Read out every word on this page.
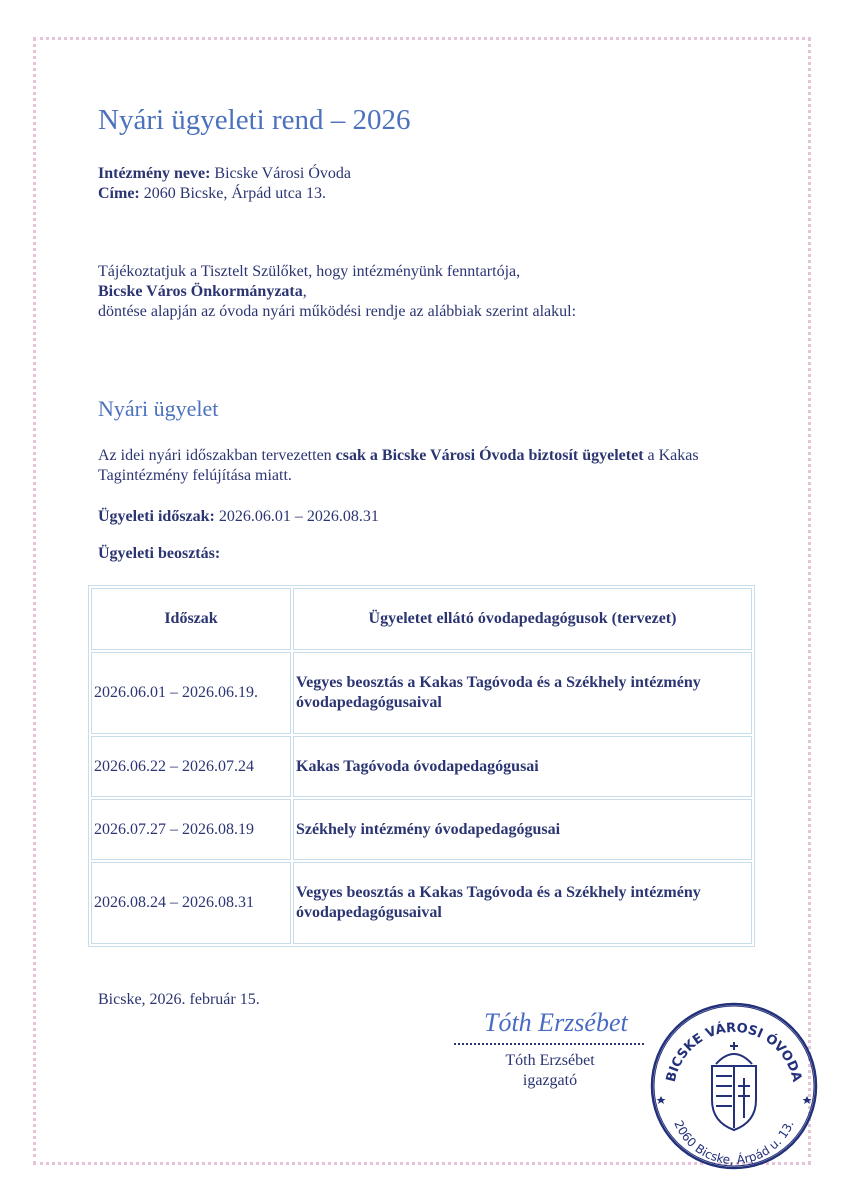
Nyári ügyeleti rend – 2026
Intézmény neve: Bicske Városi Óvoda
Címe: 2060 Bicske, Árpád utca 13.
Tájékoztatjuk a Tisztelt Szülőket, hogy intézményünk fenntartója,
Bicske Város Önkormányzata,
döntése alapján az óvoda nyári működési rendje az alábbiak szerint alakul:
Nyári ügyelet
Az idei nyári időszakban tervezetten csak a Bicske Városi Óvoda biztosít ügyeletet a Kakas Tagintézmény felújítása miatt.
Ügyeleti időszak: 2026.06.01 – 2026.08.31
Ügyeleti beosztás:
Időszak	Ügyeletet ellátó óvodapedagógusok (tervezet)
2026.06.01 – 2026.06.19.	Vegyes beosztás a Kakas Tagóvoda és a Székhely intézmény óvodapedagógusaival
2026.06.22 – 2026.07.24	Kakas Tagóvoda óvodapedagógusai
2026.07.27 – 2026.08.19	Székhely intézmény óvodapedagógusai
2026.08.24 – 2026.08.31	Vegyes beosztás a Kakas Tagóvoda és a Székhely intézmény óvodapedagógusaival
Bicske, 2026. február 15.
Tóth Erzsébet
Tóth Erzsébet
igazgató	BICSKE VÁROSI ÓVODA
2060 Bicske, Árpád u. 13.
